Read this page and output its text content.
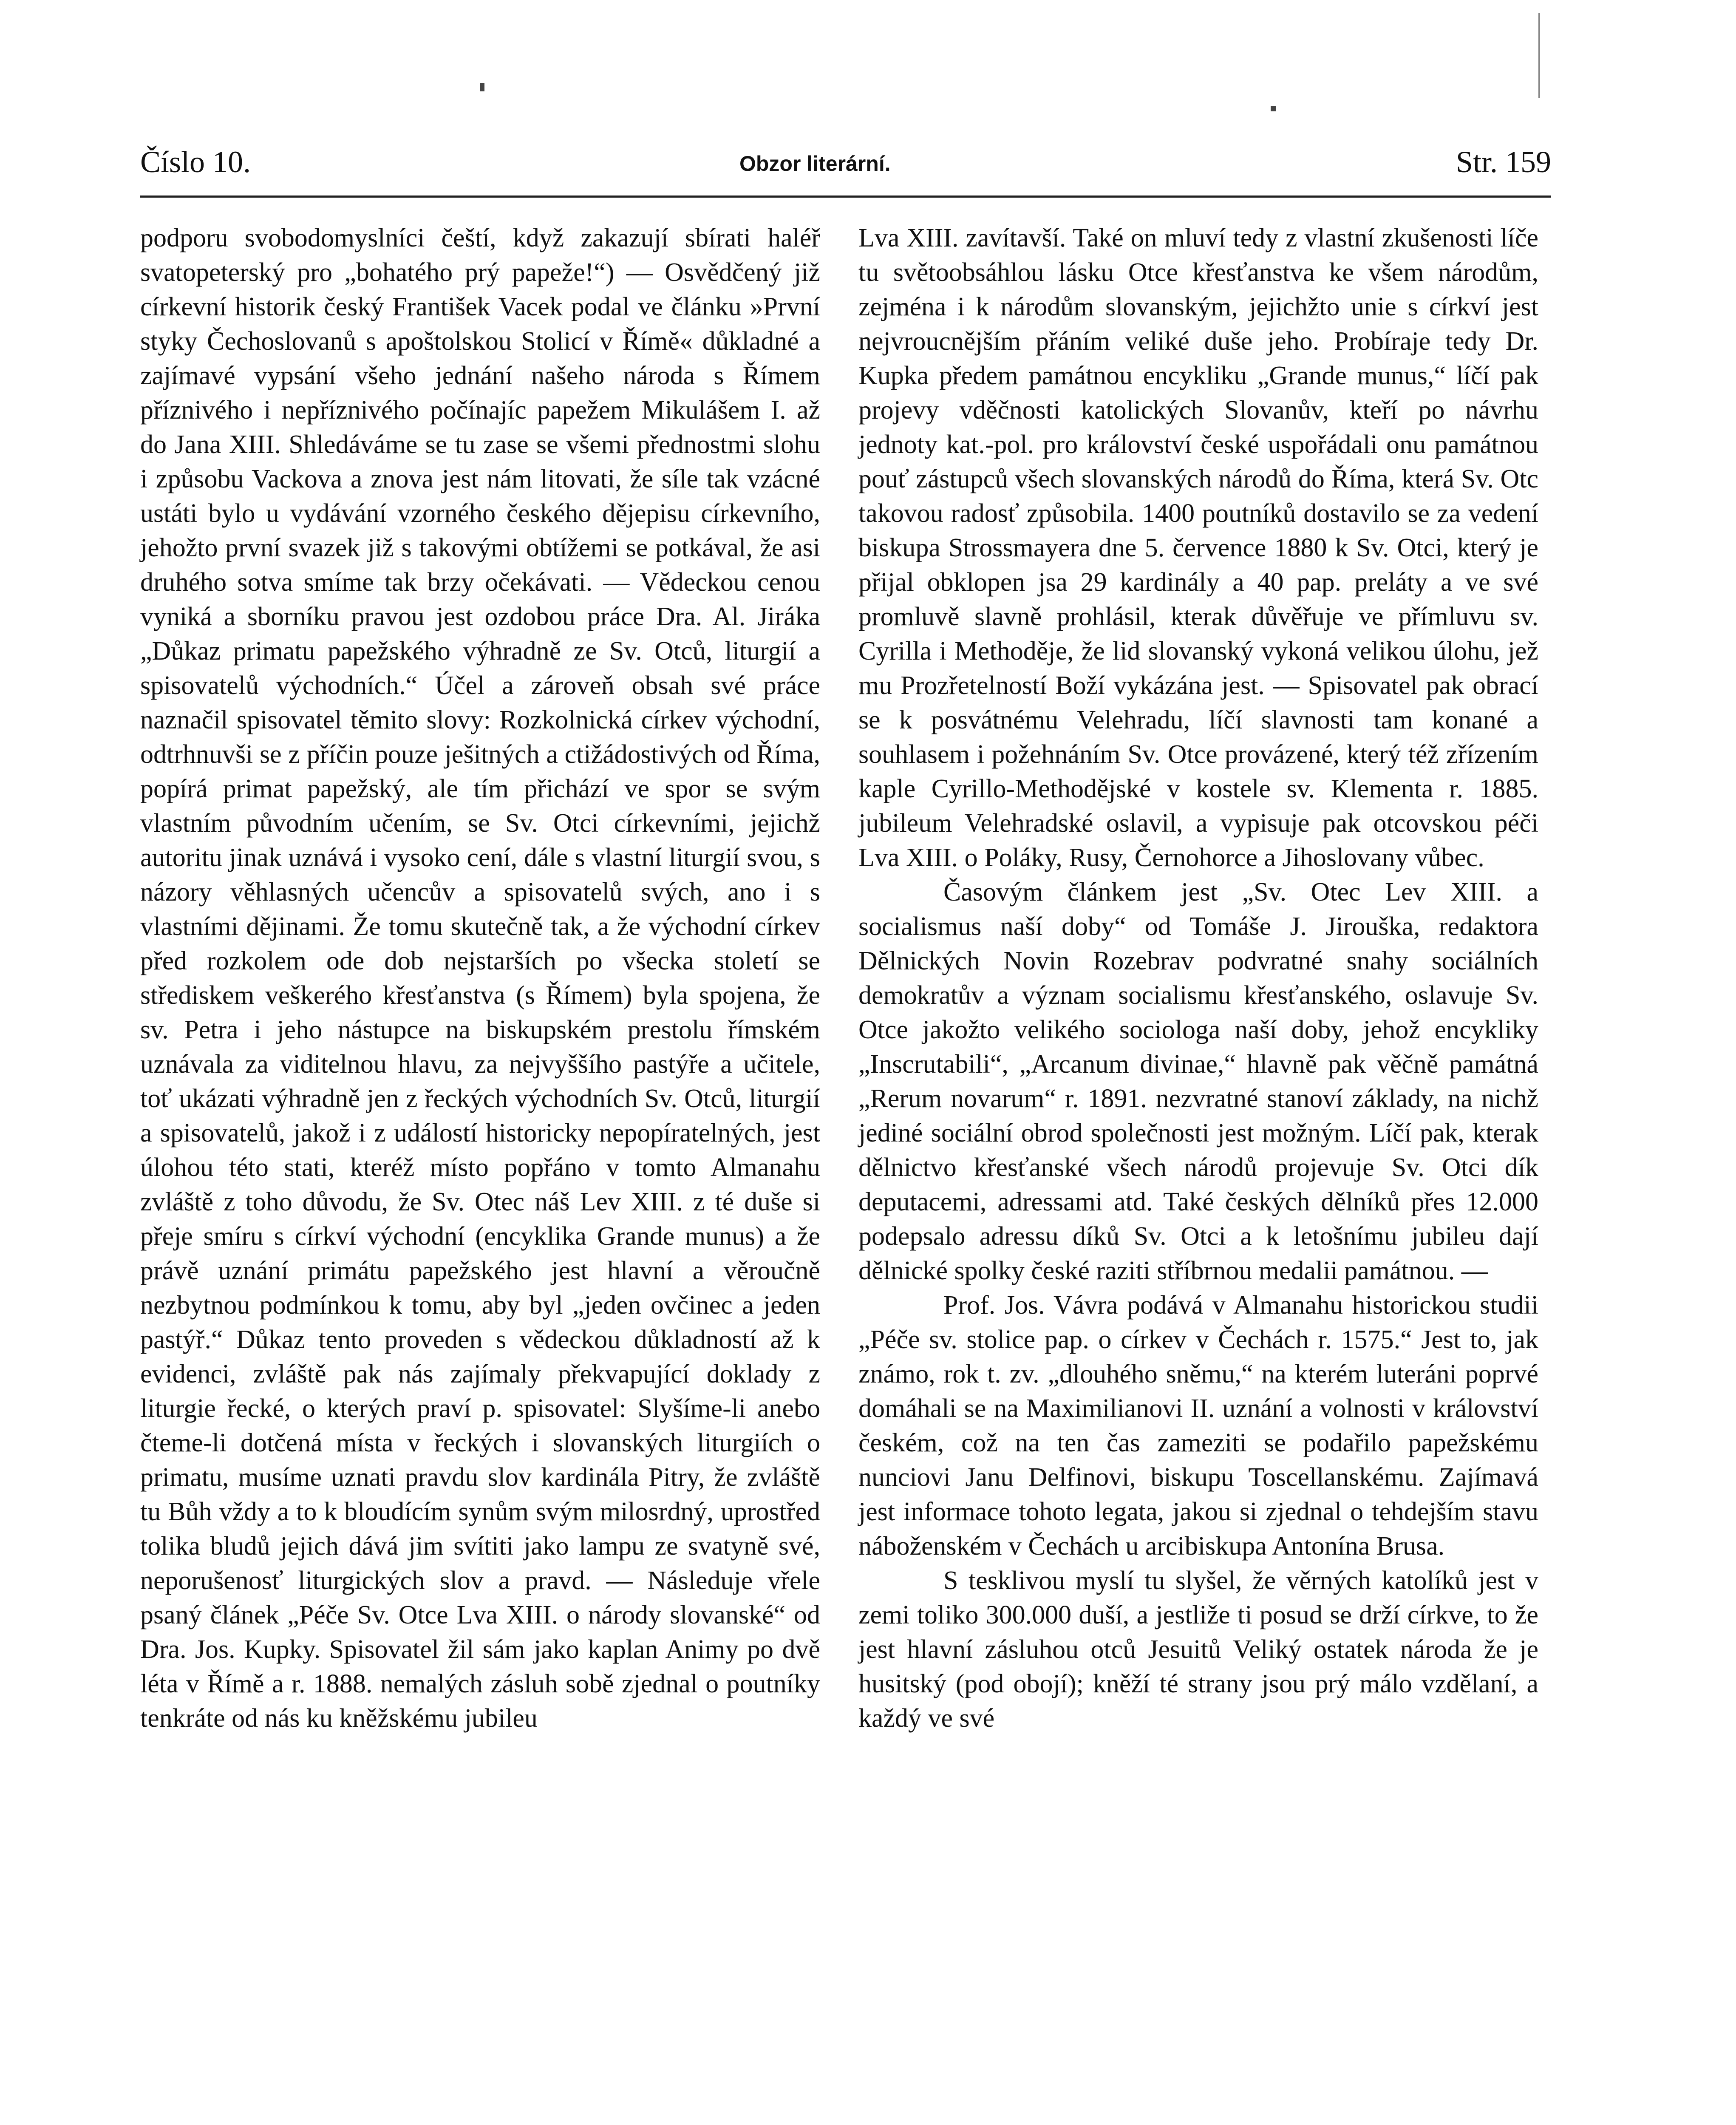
Číslo 10.	Obzor literární.	Str. 159

podporu svobodomyslníci čeští, když zakazují sbírati haléř svatopeterský pro „bohatého prý papeže!“) — Osvědčený již církevní historik český František Vacek podal ve článku »První styky Čechoslovanů s apoštolskou Stolicí v Římě« důkladné a zajímavé vypsání všeho jednání našeho národa s Římem příznivého i nepříznivého počínajíc papežem Mikulášem I. až do Jana XIII. Shledáváme se tu zase se všemi přednostmi slohu i způsobu Vackova a znova jest nám litovati, že síle tak vzácné ustáti bylo u vydávání vzorného českého dějepisu církevního, jehožto první svazek již s takovými obtížemi se potkával, že asi druhého sotva smíme tak brzy očekávati. — Vědeckou cenou vyniká a sborníku pravou jest ozdobou práce Dra. Al. Jiráka „Důkaz primatu papežského výhradně ze Sv. Otců, liturgií a spisovatelů východních.“ Účel a zároveň obsah své práce naznačil spisovatel těmito slovy: Rozkolnická církev východní, odtrhnuvši se z příčin pouze ješitných a ctižádostivých od Říma, popírá primat papežský, ale tím přichází ve spor se svým vlastním původním učením, se Sv. Otci církevními, jejichž autoritu jinak uznává i vysoko cení, dále s vlastní liturgií svou, s názory věhlasných učencův a spisovatelů svých, ano i s vlastními dějinami. Že tomu skutečně tak, a že východní církev před rozkolem ode dob nejstarších po všecka století se střediskem veškerého křesťanstva (s Římem) byla spojena, že sv. Petra i jeho nástupce na biskupském prestolu římském uznávala za viditelnou hlavu, za nejvyššího pastýře a učitele, toť ukázati výhradně jen z řeckých východních Sv. Otců, liturgií a spisovatelů, jakož i z událostí historicky nepopíratelných, jest úlohou této stati, kteréž místo popřáno v tomto Almanahu zvláště z toho důvodu, že Sv. Otec náš Lev XIII. z té duše si přeje smíru s církví východní (encyklika Grande munus) a že právě uznání primátu papežského jest hlavní a věroučně nezbytnou podmínkou k tomu, aby byl „jeden ovčinec a jeden pastýř.“ Důkaz tento proveden s vědeckou důkladností až k evidenci, zvláště pak nás zajímaly překvapující doklady z liturgie řecké, o kterých praví p. spisovatel: Slyšíme-li anebo čteme-li dotčená místa v řeckých i slovanských liturgiích o primatu, musíme uznati pravdu slov kardinála Pitry, že zvláště tu Bůh vždy a to k bloudícím synům svým milosrdný, uprostřed tolika bludů jejich dává jim svítiti jako lampu ze svatyně své, neporušenosť liturgických slov a pravd. — Následuje vřele psaný článek „Péče Sv. Otce Lva XIII. o národy slovanské“ od Dra. Jos. Kupky. Spisovatel žil sám jako kaplan Animy po dvě léta v Římě a r. 1888. nemalých zásluh sobě zjednal o poutníky tenkráte od nás ku kněžskému jubileu

Lva XIII. zavítavší. Také on mluví tedy z vlastní zkušenosti líče tu světoobsáhlou lásku Otce křesťanstva ke všem národům, zejména i k národům slovanským, jejichžto unie s církví jest nejvroucnějším přáním veliké duše jeho. Probíraje tedy Dr. Kupka předem památnou encykliku „Grande munus,“ líčí pak projevy vděčnosti katolických Slovanův, kteří po návrhu jednoty kat.-pol. pro království české uspořádali onu památnou pouť zástupců všech slovanských národů do Říma, která Sv. Otc takovou radosť způsobila. 1400 poutníků dostavilo se za vedení biskupa Strossmayera dne 5. července 1880 k Sv. Otci, který je přijal obklopen jsa 29 kardinály a 40 pap. preláty a ve své promluvě slavně prohlásil, kterak důvěřuje ve přímluvu sv. Cyrilla i Methoděje, že lid slovanský vykoná velikou úlohu, jež mu Prozřetelností Boží vykázána jest. — Spisovatel pak obrací se k posvátnému Velehradu, líčí slavnosti tam konané a souhlasem i požehnáním Sv. Otce provázené, který též zřízením kaple Cyrillo-Methodějské v kostele sv. Klementa r. 1885. jubileum Velehradské oslavil, a vypisuje pak otcovskou péči Lva XIII. o Poláky, Rusy, Černohorce a Jihoslovany vůbec.

Časovým článkem jest „Sv. Otec Lev XIII. a socialismus naší doby“ od Tomáše J. Jirouška, redaktora Dělnických Novin Rozebrav podvratné snahy sociálních demokratův a význam socialismu křesťanského, oslavuje Sv. Otce jakožto velikého sociologa naší doby, jehož encykliky „Inscrutabili“, „Arcanum divinae,“ hlavně pak věčně památná „Rerum novarum“ r. 1891. nezvratné stanoví základy, na nichž jediné sociální obrod společnosti jest možným. Líčí pak, kterak dělnictvo křesťanské všech národů projevuje Sv. Otci dík deputacemi, adressami atd. Také českých dělníků přes 12.000 podepsalo adressu díků Sv. Otci a k letošnímu jubileu dají dělnické spolky české raziti stříbrnou medalii památnou. —

Prof. Jos. Vávra podává v Almanahu historickou studii „Péče sv. stolice pap. o církev v Čechách r. 1575.“ Jest to, jak známo, rok t. zv. „dlouhého sněmu,“ na kterém luteráni poprvé domáhali se na Maximilianovi II. uznání a volnosti v království českém, což na ten čas zameziti se podařilo papežskému nunciovi Janu Delfinovi, biskupu Toscellanskému. Zajímavá jest informace tohoto legata, jakou si zjednal o tehdejším stavu náboženském v Čechách u arcibiskupa Antonína Brusa.

S tesklivou myslí tu slyšel, že věrných katolíků jest v zemi toliko 300.000 duší, a jestliže ti posud se drží církve, to že jest hlavní zásluhou otců Jesuitů Veliký ostatek národa že je husitský (pod obojí); kněží té strany jsou prý málo vzdělaní, a každý ve své
